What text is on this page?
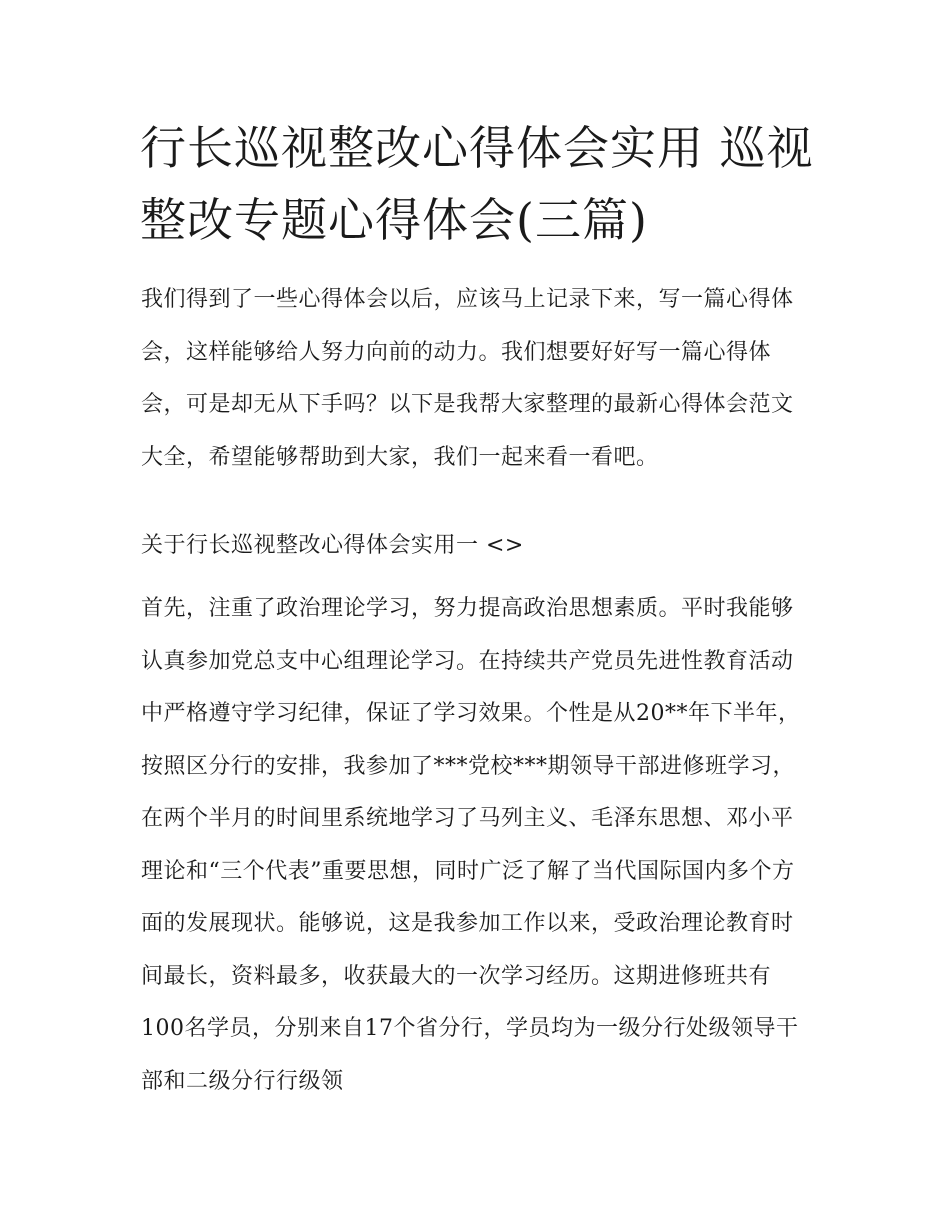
行长巡视整改心得体会实用 巡视整改专题心得体会(三篇)

我们得到了一些心得体会以后，应该马上记录下来，写一篇心得体会，这样能够给人努力向前的动力。我们想要好好写一篇心得体会，可是却无从下手吗？以下是我帮大家整理的最新心得体会范文大全，希望能够帮助到大家，我们一起来看一看吧。

关于行长巡视整改心得体会实用一 <>

首先，注重了政治理论学习，努力提高政治思想素质。平时我能够认真参加党总支中心组理论学习。在持续共产党员先进性教育活动中严格遵守学习纪律，保证了学习效果。个性是从20**年下半年，按照区分行的安排，我参加了***党校***期领导干部进修班学习，在两个半月的时间里系统地学习了马列主义、毛泽东思想、邓小平理论和“三个代表”重要思想，同时广泛了解了当代国际国内多个方面的发展现状。能够说，这是我参加工作以来，受政治理论教育时间最长，资料最多，收获最大的一次学习经历。这期进修班共有100名学员，分别来自17个省分行，学员均为一级分行处级领导干部和二级分行行级领
